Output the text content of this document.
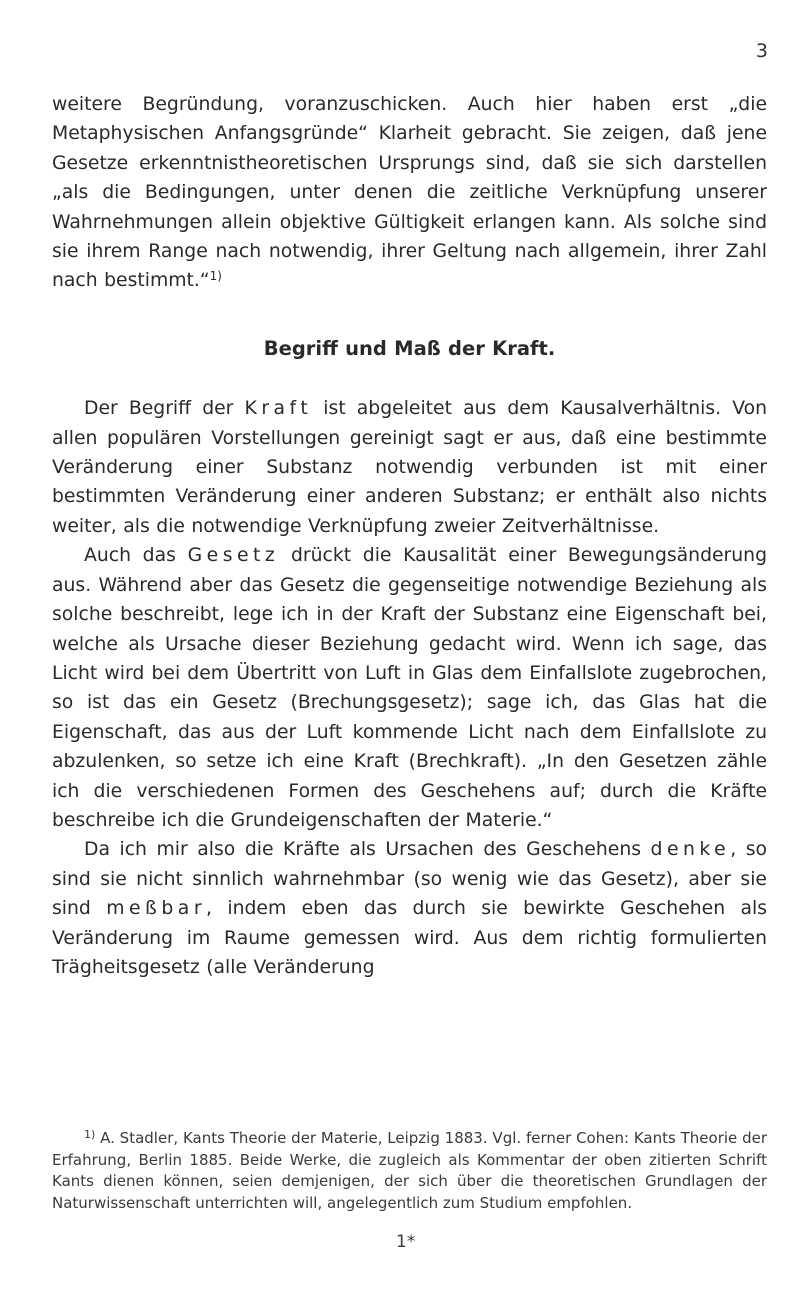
3

weitere Begründung, voranzuschicken. Auch hier haben erst „die Metaphysischen Anfangsgründe“ Klarheit gebracht. Sie zeigen, daß jene Gesetze erkenntnistheoretischen Ursprungs sind, daß sie sich darstellen „als die Bedingungen, unter denen die zeitliche Verknüpfung unserer Wahrnehmungen allein objektive Gültigkeit erlangen kann. Als solche sind sie ihrem Range nach notwendig, ihrer Geltung nach allgemein, ihrer Zahl nach bestimmt.“$^{1)}$

Begriff und Maß der Kraft.

Der Begriff der Kraft ist abgeleitet aus dem Kausalverhältnis. Von allen populären Vorstellungen gereinigt sagt er aus, daß eine bestimmte Veränderung einer Substanz notwendig verbunden ist mit einer bestimmten Veränderung einer anderen Substanz; er enthält also nichts weiter, als die notwendige Verknüpfung zweier Zeitverhältnisse.

Auch das Gesetz drückt die Kausalität einer Bewegungsänderung aus. Während aber das Gesetz die gegenseitige notwendige Beziehung als solche beschreibt, lege ich in der Kraft der Substanz eine Eigenschaft bei, welche als Ursache dieser Beziehung gedacht wird. Wenn ich sage, das Licht wird bei dem Übertritt von Luft in Glas dem Einfallslote zugebrochen, so ist das ein Gesetz (Brechungsgesetz); sage ich, das Glas hat die Eigenschaft, das aus der Luft kommende Licht nach dem Einfallslote zu abzulenken, so setze ich eine Kraft (Brechkraft). „In den Gesetzen zähle ich die verschiedenen Formen des Geschehens auf; durch die Kräfte beschreibe ich die Grundeigenschaften der Materie.“

Da ich mir also die Kräfte als Ursachen des Geschehens denke, so sind sie nicht sinnlich wahrnehmbar (so wenig wie das Gesetz), aber sie sind meßbar, indem eben das durch sie bewirkte Geschehen als Veränderung im Raume gemessen wird. Aus dem richtig formulierten Trägheitsgesetz (alle Veränderung

$^{1)}$ A. Stadler, Kants Theorie der Materie, Leipzig 1883. Vgl. ferner Cohen: Kants Theorie der Erfahrung, Berlin 1885. Beide Werke, die zugleich als Kommentar der oben zitierten Schrift Kants dienen können, seien demjenigen, der sich über die theoretischen Grundlagen der Naturwissenschaft unterrichten will, angelegentlich zum Studium empfohlen.

1*
